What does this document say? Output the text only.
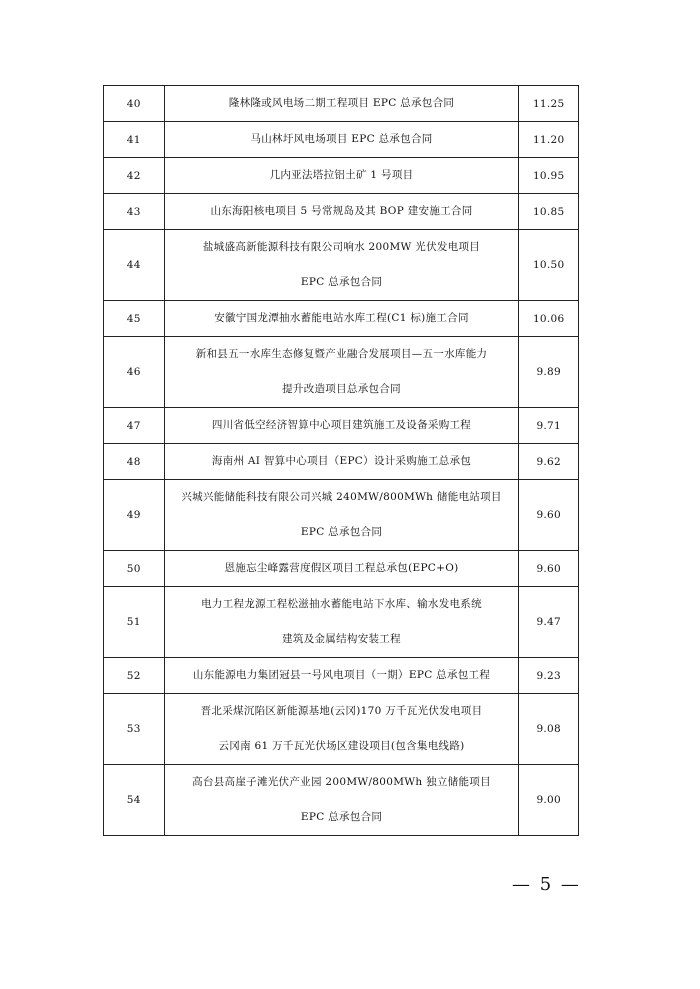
40	隆林隆或风电场二期工程项目 EPC 总承包合同	11.25
41	马山林圩风电场项目 EPC 总承包合同	11.20
42	几内亚法塔拉铝土矿 1 号项目	10.95
43	山东海阳核电项目 5 号常规岛及其 BOP 建安施工合同	10.85
44	盐城盛高新能源科技有限公司响水 200MW 光伏发电项目
EPC 总承包合同	10.50
45	安徽宁国龙潭抽水蓄能电站水库工程(C1 标)施工合同	10.06
46	新和县五一水库生态修复暨产业融合发展项目—五一水库能力
提升改造项目总承包合同	9.89
47	四川省低空经济智算中心项目建筑施工及设备采购工程	9.71
48	海南州 AI 智算中心项目（EPC）设计采购施工总承包	9.62
49	兴城兴能储能科技有限公司兴城 240MW/800MWh 储能电站项目
EPC 总承包合同	9.60
50	恩施忘尘峰露营度假区项目工程总承包(EPC+O)	9.60
51	电力工程龙源工程松滋抽水蓄能电站下水库、输水发电系统
建筑及金属结构安装工程	9.47
52	山东能源电力集团冠县一号风电项目（一期）EPC 总承包工程	9.23
53	晋北采煤沉陷区新能源基地(云冈)170 万千瓦光伏发电项目
云冈南 61 万千瓦光伏场区建设项目(包含集电线路)	9.08
54	高台县高崖子滩光伏产业园 200MW/800MWh 独立储能项目
EPC 总承包合同	9.00
— 5 —
